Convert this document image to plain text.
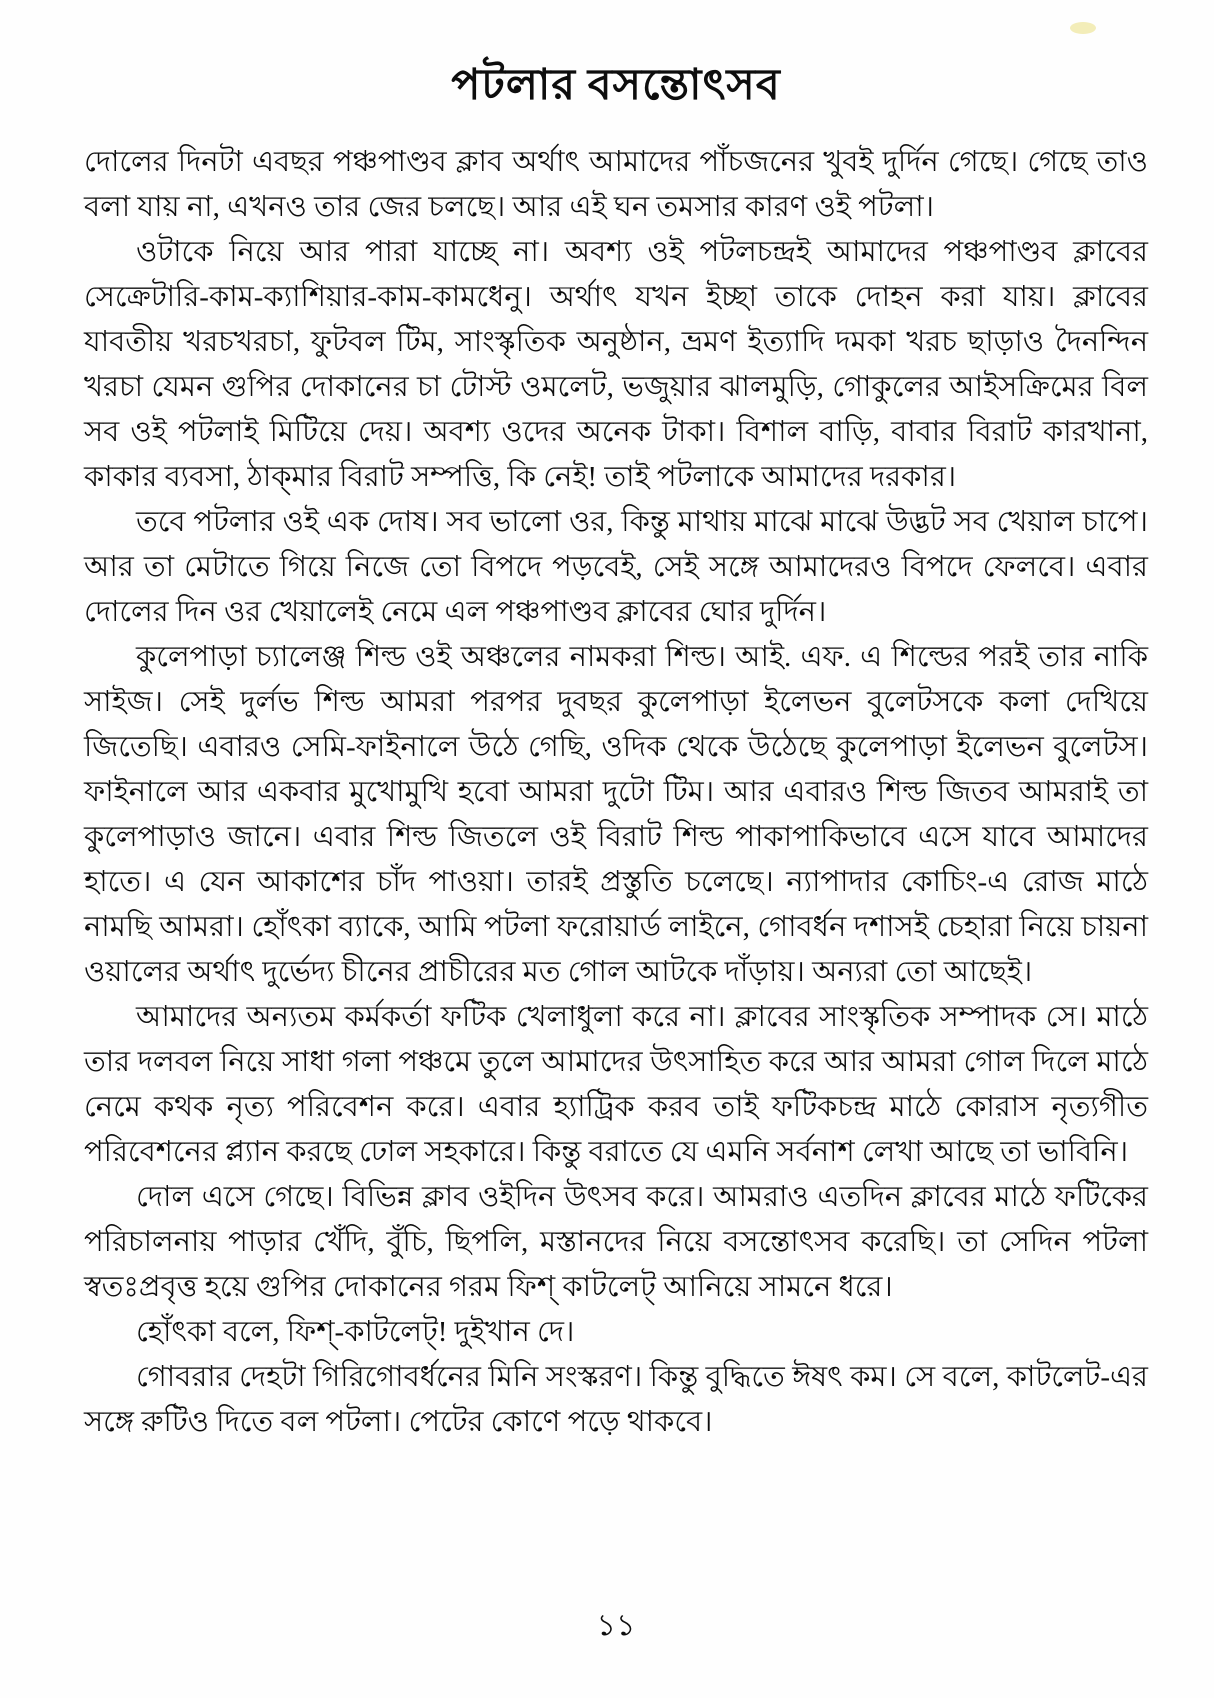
পটলার বসন্তোৎসব

দোলের দিনটা এবছর পঞ্চপাণ্ডব ক্লাব অর্থাৎ আমাদের পাঁচজনের খুবই দুর্দিন গেছে। গেছে তাও বলা যায় না, এখনও তার জের চলছে। আর এই ঘন তমসার কারণ ওই পটলা।

ওটাকে নিয়ে আর পারা যাচ্ছে না। অবশ্য ওই পটলচন্দ্রই আমাদের পঞ্চপাণ্ডব ক্লাবের সেক্রেটারি-কাম-ক্যাশিয়ার-কাম-কামধেনু। অর্থাৎ যখন ইচ্ছা তাকে দোহন করা যায়। ক্লাবের যাবতীয় খরচখরচা, ফুটবল টিম, সাংস্কৃতিক অনুষ্ঠান, ভ্রমণ ইত্যাদি দমকা খরচ ছাড়াও দৈনন্দিন খরচা যেমন গুপির দোকানের চা টোস্ট ওমলেট, ভজুয়ার ঝালমুড়ি, গোকুলের আইসক্রিমের বিল সব ওই পটলাই মিটিয়ে দেয়। অবশ্য ওদের অনেক টাকা। বিশাল বাড়ি, বাবার বিরাট কারখানা, কাকার ব্যবসা, ঠাক্‌মার বিরাট সম্পত্তি, কি নেই! তাই পটলাকে আমাদের দরকার।

তবে পটলার ওই এক দোষ। সব ভালো ওর, কিন্তু মাথায় মাঝে মাঝে উদ্ভট সব খেয়াল চাপে। আর তা মেটাতে গিয়ে নিজে তো বিপদে পড়বেই, সেই সঙ্গে আমাদেরও বিপদে ফেলবে। এবার দোলের দিন ওর খেয়ালেই নেমে এল পঞ্চপাণ্ডব ক্লাবের ঘোর দুর্দিন।

কুলেপাড়া চ্যালেঞ্জ শিল্ড ওই অঞ্চলের নামকরা শিল্ড। আই. এফ. এ শিল্ডের পরই তার নাকি সাইজ। সেই দুর্লভ শিল্ড আমরা পরপর দুবছর কুলেপাড়া ইলেভন বুলেটসকে কলা দেখিয়ে জিতেছি। এবারও সেমি-ফাইনালে উঠে গেছি, ওদিক থেকে উঠেছে কুলেপাড়া ইলেভন বুলেটস। ফাইনালে আর একবার মুখোমুখি হবো আমরা দুটো টিম। আর এবারও শিল্ড জিতব আমরাই তা কুলেপাড়াও জানে। এবার শিল্ড জিতলে ওই বিরাট শিল্ড পাকাপাকিভাবে এসে যাবে আমাদের হাতে। এ যেন আকাশের চাঁদ পাওয়া। তারই প্রস্তুতি চলেছে। ন্যাপাদার কোচিং-এ রোজ মাঠে নামছি আমরা। হোঁৎকা ব্যাকে, আমি পটলা ফরোয়ার্ড লাইনে, গোবর্ধন দশাসই চেহারা নিয়ে চায়না ওয়ালের অর্থাৎ দুর্ভেদ্য চীনের প্রাচীরের মত গোল আটকে দাঁড়ায়। অন্যরা তো আছেই।

আমাদের অন্যতম কর্মকর্তা ফটিক খেলাধুলা করে না। ক্লাবের সাংস্কৃতিক সম্পাদক সে। মাঠে তার দলবল নিয়ে সাধা গলা পঞ্চমে তুলে আমাদের উৎসাহিত করে আর আমরা গোল দিলে মাঠে নেমে কথক নৃত্য পরিবেশন করে। এবার হ্যাট্রিক করব তাই ফটিকচন্দ্র মাঠে কোরাস নৃত্যগীত পরিবেশনের প্ল্যান করছে ঢোল সহকারে। কিন্তু বরাতে যে এমনি সর্বনাশ লেখা আছে তা ভাবিনি।

দোল এসে গেছে। বিভিন্ন ক্লাব ওইদিন উৎসব করে। আমরাও এতদিন ক্লাবের মাঠে ফটিকের পরিচালনায় পাড়ার খেঁদি, বুঁচি, ছিপলি, মস্তানদের নিয়ে বসন্তোৎসব করেছি। তা সেদিন পটলা স্বতঃপ্রবৃত্ত হয়ে গুপির দোকানের গরম ফিশ্ কাটলেট্ আনিয়ে সামনে ধরে।

হোঁৎকা বলে, ফিশ্-কাটলেট্! দুইখান দে।

গোবরার দেহটা গিরিগোবর্ধনের মিনি সংস্করণ। কিন্তু বুদ্ধিতে ঈষৎ কম। সে বলে, কাটলেট-এর সঙ্গে রুটিও দিতে বল পটলা। পেটের কোণে পড়ে থাকবে।

১১
